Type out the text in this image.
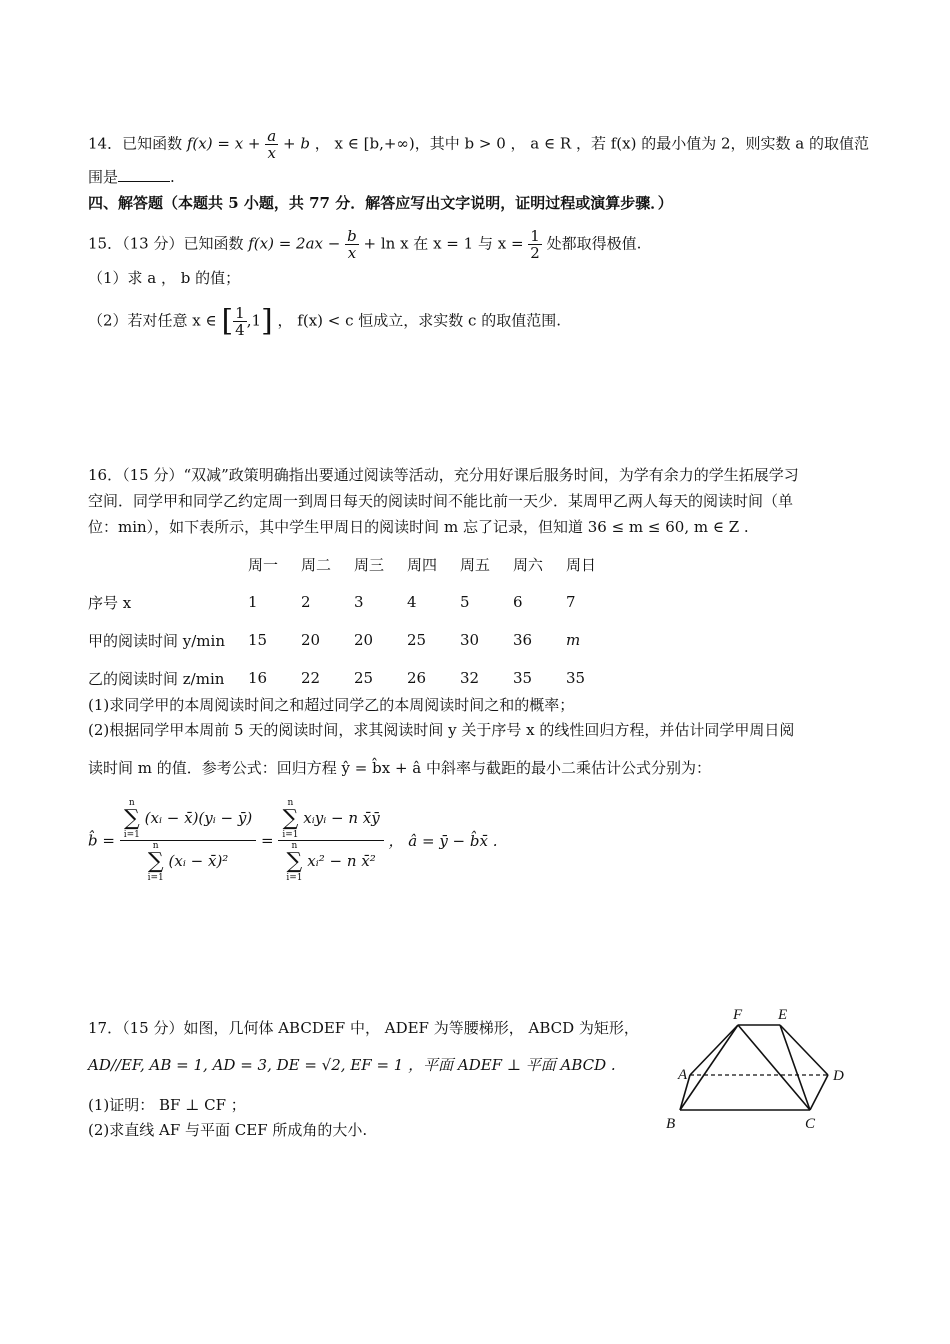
14．已知函数 $f(x) = x + \frac{a}{x} + b$ ， x ∈ [b,+∞)，其中 b > 0 ， a ∈ R ，若 f(x) 的最小值为 2，则实数 a 的取值范
围是	.
四、解答题（本题共 5 小题，共 77 分．解答应写出文字说明，证明过程或演算步骤．）
15．（13 分）已知函数 $f(x) = 2ax - \frac{b}{x} + \ln x$ 在 x = 1 与 $x = \frac{1}{2}$ 处都取得极值.
（1）求 a ， b 的值；
（2）若对任意 x ∈ [ $\frac{1}{4} ,1$] ， f(x) < c 恒成立，求实数 c 的取值范围.
16．（15 分）“双减”政策明确指出要通过阅读等活动，充分用好课后服务时间，为学有余力的学生拓展学习
空间．同学甲和同学乙约定周一到周日每天的阅读时间不能比前一天少．某周甲乙两人每天的阅读时间（单
位：min），如下表所示，其中学生甲周日的阅读时间 m 忘了记录，但知道 36 ≤ m ≤ 60, m ∈ Z .
	周一	周二	周三	周四	周五	周六	周日
序号 x	1	2	3	4	5	6	7
甲的阅读时间 y/min	15	20	20	25	30	36	m
乙的阅读时间 z/min	16	22	25	26	32	35	35
(1)求同学甲的本周阅读时间之和超过同学乙的本周阅读时间之和的概率；
(2)根据同学甲本周前 5 天的阅读时间，求其阅读时间 y 关于序号 x 的线性回归方程，并估计同学甲周日阅
读时间 m 的值．参考公式：回归方程 ŷ = b̂x + â 中斜率与截距的最小二乘估计公式分别为：
b̂ = n
∑
i=1
(xᵢ − x̄)(yᵢ − ȳ)
n
∑
i=1
(xᵢ − x̄)² = n
∑
i=1
xᵢyᵢ − n x̄ȳ
n
∑
i=1
xᵢ² − n x̄² ， â = ȳ − b̂x̄ .
17．（15 分）如图，几何体 ABCDEF 中， ADEF 为等腰梯形， ABCD 为矩形，
AD//EF, AB = 1, AD = 3, DE = √2, EF = 1 ，平面 ADEF ⊥ 平面 ABCD .
(1)证明： BF ⊥ CF ；
(2)求直线 AF 与平面 CEF 所成角的大小.
A
B	C
D
E
F
